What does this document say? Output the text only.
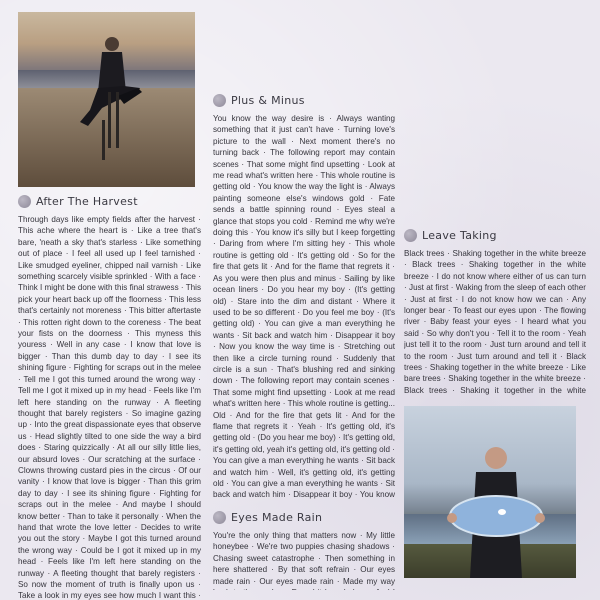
After The Harvest

Through days like empty fields after the harvest · This ache where the heart is · Like a tree that's bare, 'neath a sky that's starless · Like something out of place · I feel all used up I feel tarnished · Like smudged eyeliner, chipped nail varnish · Like something scarcely visible sprinkled · With a face · Think I might be done with this final strawess · This pick your heart back up off the floorness · This less that's certainly not moreness · This bitter aftertaste · This rotten right down to the coreness · The beat your fists on the doorness · This myness this youress · Well in any case · I know that love is bigger · Than this dumb day to day · I see its shining figure · Fighting for scraps out in the melee · Tell me I got this turned around the wrong way · Tell me I got it mixed up in my head · Feels like I'm left here standing on the runway · A fleeting thought that barely registers · So imagine gazing up · Into the great dispassionate eyes that observe us · Head slightly tilted to one side the way a bird does · Staring quizzically · At all our silly little lies, our absurd loves · Our scratching at the surface · Clowns throwing custard pies in the circus · Of our vanity · I know that love is bigger · Than this grim day to day · I see its shining figure · Fighting for scraps out in the melee · And maybe I should know better · Than to take it personally · When the hand that wrote the love letter · Decides to write you out the story · Maybe I got this turned around the wrong way · Could be I got it mixed up in my head · Feels like I'm left here standing on the runway · A fleeting thought that barely registers · So now the moment of truth is finally upon us · Take a look in my eyes see how much I want this ·

Plus & Minus

You know the way desire is · Always wanting something that it just can't have · Turning love's picture to the wall · Next moment there's no turning back · The following report may contain scenes · That some might find upsetting · Look at me read what's written here · This whole routine is getting old · You know the way the light is · Always painting someone else's windows gold · Fate sends a battle spinning round · Eyes steal a glance that stops you cold · Remind me why we're doing this · You know it's silly but I keep forgetting · Daring from where I'm sitting hey · This whole routine is getting old · It's getting old · So for the fire that gets lit · And for the flame that regrets it · As you were then plus and minus · Sailing by like ocean liners · Do you hear my boy · (It's getting old) · Stare into the dim and distant · Where it used to be so different · Do you feel me boy · (It's getting old) · You can give a man everything he wants · Sit back and watch him · Disappear it boy · Now you know the way time is · Stretching out then like a circle turning round · Suddenly that circle is a sun · That's blushing red and sinking down · The following report may contain scenes · That some might find upsetting · Look at me read what's written here · This whole routine is getting... Old · And for the fire that gets lit · And for the flame that regrets it · Yeah · It's getting old, it's getting old · (Do you hear me boy) · It's getting old, it's getting old, yeah it's getting old, it's getting old · You can give a man everything he wants · Sit back and watch him · Well, it's getting old, it's getting old · You can give a man everything he wants · Sit back and watch him · Disappear it boy · You know

Eyes Made Rain

You're the only thing that matters now · My little honeybee · We're two puppies chasing shadows · Chasing sweet catastrophe · Then something in here shattered · By that soft refrain · Our eyes made rain · Our eyes made rain · Made my way

Leave Taking

Black trees · Shaking together in the white breeze · Black trees · Shaking together in the white breeze · I do not know where either of us can turn · Just at first · Waking from the sleep of each other · Just at first · I do not know how we can · Any longer bear · To feast our eyes upon · The flowing river · Baby feast your eyes · I heard what you said · So why don't you · Tell it to the room · Yeah just tell it to the room · Just turn around and tell it to the room · Just turn around and tell it · Black trees · Shaking together in the white breeze · Like bare trees · Shaking together in the white breeze · Black trees · Shaking it together in the white
